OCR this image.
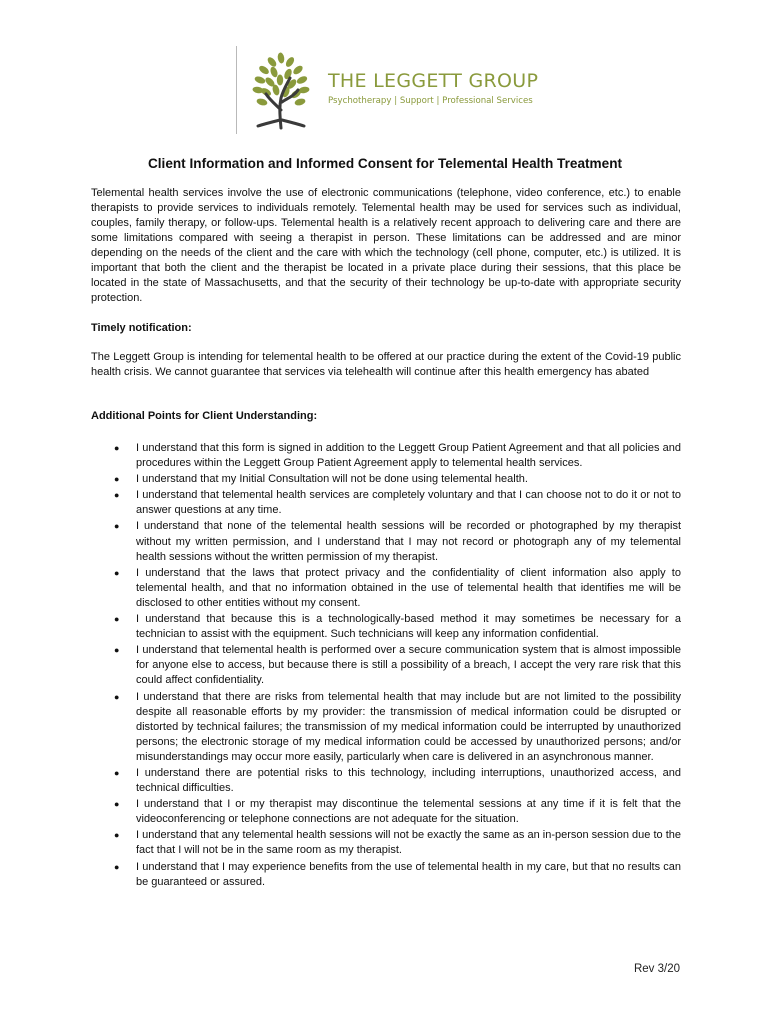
THE LEGGETT GROUP
Psychotherapy | Support | Professional Services
Client Information and Informed Consent for Telemental Health Treatment

Telemental health services involve the use of electronic communications (telephone, video conference, etc.) to enable therapists to provide services to individuals remotely. Telemental health may be used for services such as individual, couples, family therapy, or follow-ups. Telemental health is a relatively recent approach to delivering care and there are some limitations compared with seeing a therapist in person. These limitations can be addressed and are minor depending on the needs of the client and the care with which the technology (cell phone, computer, etc.) is utilized. It is important that both the client and the therapist be located in a private place during their sessions, that this place be located in the state of Massachusetts, and that the security of their technology be up-to-date with appropriate security protection.

Timely notification:

The Leggett Group is intending for telemental health to be offered at our practice during the extent of the Covid-19 public health crisis. We cannot guarantee that services via telehealth will continue after this health emergency has abated

Additional Points for Client Understanding:

● I understand that this form is signed in addition to the Leggett Group Patient Agreement and that all policies and procedures within the Leggett Group Patient Agreement apply to telemental health services.
● I understand that my Initial Consultation will not be done using telemental health.
● I understand that telemental health services are completely voluntary and that I can choose not to do it or not to answer questions at any time.
● I understand that none of the telemental health sessions will be recorded or photographed by my therapist without my written permission, and I understand that I may not record or photograph any of my telemental health sessions without the written permission of my therapist.
● I understand that the laws that protect privacy and the confidentiality of client information also apply to telemental health, and that no information obtained in the use of telemental health that identifies me will be disclosed to other entities without my consent.
● I understand that because this is a technologically-based method it may sometimes be necessary for a technician to assist with the equipment. Such technicians will keep any information confidential.
● I understand that telemental health is performed over a secure communication system that is almost impossible for anyone else to access, but because there is still a possibility of a breach, I accept the very rare risk that this could affect confidentiality.
● I understand that there are risks from telemental health that may include but are not limited to the possibility despite all reasonable efforts by my provider: the transmission of medical information could be disrupted or distorted by technical failures; the transmission of my medical information could be interrupted by unauthorized persons; the electronic storage of my medical information could be accessed by unauthorized persons; and/or misunderstandings may occur more easily, particularly when care is delivered in an asynchronous manner.
● I understand there are potential risks to this technology, including interruptions, unauthorized access, and technical difficulties.
● I understand that I or my therapist may discontinue the telemental sessions at any time if it is felt that the videoconferencing or telephone connections are not adequate for the situation.
● I understand that any telemental health sessions will not be exactly the same as an in-person session due to the fact that I will not be in the same room as my therapist.
● I understand that I may experience benefits from the use of telemental health in my care, but that no results can be guaranteed or assured.
Rev 3/20
